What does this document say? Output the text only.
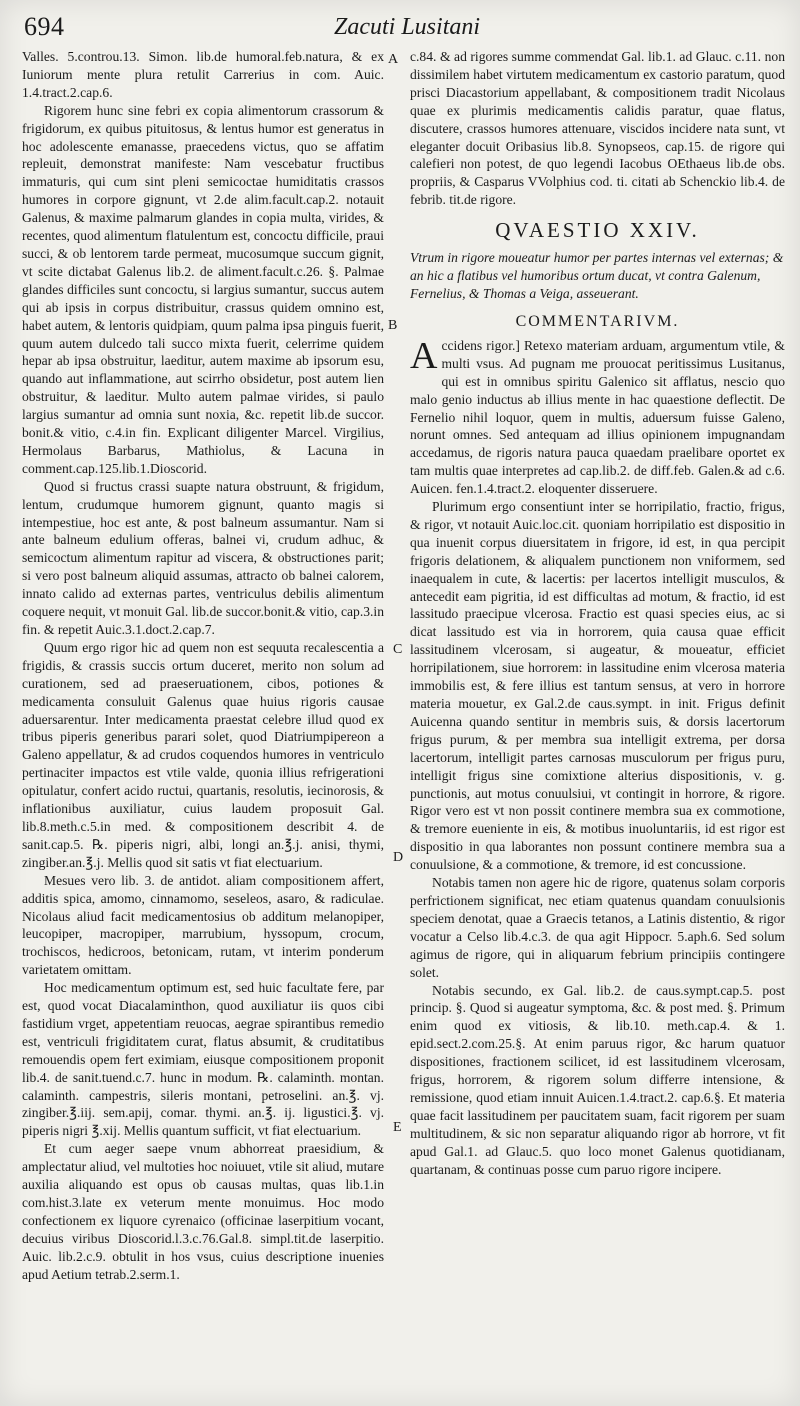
694	Zacuti Lusitani
A
B
C
D
E

Valles. 5.controu.13. Simon. lib.de humoral.feb.natura, & ex Iuniorum mente plura retulit Carrerius in com. Auic. 1.4.tract.2.cap.6.

Rigorem hunc sine febri ex copia alimentorum crassorum & frigidorum, ex quibus pituitosus, & lentus humor est generatus in hoc adolescente emanasse, praecedens victus, quo se affatim repleuit, demonstrat manifeste: Nam vescebatur fructibus immaturis, qui cum sint pleni semicoctae humiditatis crassos humores in corpore gignunt, vt 2.de alim.facult.cap.2. notauit Galenus, & maxime palmarum glandes in copia multa, virides, & recentes, quod alimentum flatulentum est, concoctu difficile, praui succi, & ob lentorem tarde permeat, mucosumque succum gignit, vt scite dictabat Galenus lib.2. de aliment.facult.c.26. §. Palmae glandes difficiles sunt concoctu, si largius sumantur, succus autem qui ab ipsis in corpus distribuitur, crassus quidem omnino est, habet autem, & lentoris quidpiam, quum palma ipsa pinguis fuerit, quum autem dulcedo tali succo mixta fuerit, celerrime quidem hepar ab ipsa obstruitur, laeditur, autem maxime ab ipsorum esu, quando aut inflammatione, aut scirrho obsidetur, post autem lien obstruitur, & laeditur. Multo autem palmae virides, si paulo largius sumantur ad omnia sunt noxia, &c. repetit lib.de succor. bonit.& vitio, c.4.in fin. Explicant diligenter Marcel. Virgilius, Hermolaus Barbarus, Mathiolus, & Lacuna in comment.cap.125.lib.1.Dioscorid.

Quod si fructus crassi suapte natura obstruunt, & frigidum, lentum, crudumque humorem gignunt, quanto magis si intempestiue, hoc est ante, & post balneum assumantur. Nam si ante balneum edulium offeras, balnei vi, crudum adhuc, & semicoctum alimentum rapitur ad viscera, & obstructiones parit; si vero post balneum aliquid assumas, attracto ob balnei calorem, innato calido ad externas partes, ventriculus debilis alimentum coquere nequit, vt monuit Gal. lib.de succor.bonit.& vitio, cap.3.in fin. & repetit Auic.3.1.doct.2.cap.7.

Quum ergo rigor hic ad quem non est sequuta recalescentia a frigidis, & crassis succis ortum duceret, merito non solum ad curationem, sed ad praeseruationem, cibos, potiones & medicamenta consuluit Galenus quae huius rigoris causae aduersarentur. Inter medicamenta praestat celebre illud quod ex tribus piperis generibus parari solet, quod Diatriumpipereon a Galeno appellatur, & ad crudos coquendos humores in ventriculo pertinaciter impactos est vtile valde, quonia illius refrigerationi opitulatur, confert acido ructui, quartanis, resolutis, iecinorosis, & inflationibus auxiliatur, cuius laudem proposuit Gal. lib.8.meth.c.5.in med. & compositionem describit 4. de sanit.cap.5. ℞. piperis nigri, albi, longi an.℥.j. anisi, thymi, zingiber.an.℥.j. Mellis quod sit satis vt fiat electuarium.

Mesues vero lib. 3. de antidot. aliam compositionem affert, additis spica, amomo, cinnamomo, seseleos, asaro, & radiculae. Nicolaus aliud facit medicamentosius ob additum melanopiper, leucopiper, macropiper, marrubium, hyssopum, crocum, trochiscos, hedicroos, betonicam, rutam, vt interim ponderum varietatem omittam.

Hoc medicamentum optimum est, sed huic facultate fere, par est, quod vocat Diacalaminthon, quod auxiliatur iis quos cibi fastidium vrget, appetentiam reuocas, aegrae spirantibus remedio est, ventriculi frigiditatem curat, flatus absumit, & cruditatibus remouendis opem fert eximiam, eiusque compositionem proponit lib.4. de sanit.tuend.c.7. hunc in modum. ℞. calaminth. montan. calaminth. campestris, sileris montani, petroselini. an.℥. vj. zingiber.℥.iij. sem.apij, comar. thymi. an.℥. ij. ligustici.℥. vj. piperis nigri ℥.xij. Mellis quantum sufficit, vt fiat electuarium.

Et cum aeger saepe vnum abhorreat praesidium, & amplectatur aliud, vel multoties hoc noiuuet, vtile sit aliud, mutare auxilia aliquando est opus ob causas multas, quas lib.1.in com.hist.3.late ex veterum mente monuimus. Hoc modo confectionem ex liquore cyrenaico (officinae laserpitium vocant, decuius viribus Dioscorid.l.3.c.76.Gal.8. simpl.tit.de laserpitio. Auic. lib.2.c.9. obtulit in hos vsus, cuius descriptione inuenies apud Aetium tetrab.2.serm.1.

c.84. & ad rigores summe commendat Gal. lib.1. ad Glauc. c.11. non dissimilem habet virtutem medicamentum ex castorio paratum, quod prisci Diacastorium appellabant, & compositionem tradit Nicolaus quae ex plurimis medicamentis calidis paratur, quae flatus, discutere, crassos humores attenuare, viscidos incidere nata sunt, vt eleganter docuit Oribasius lib.8. Synopseos, cap.15. de rigore qui calefieri non potest, de quo legendi Iacobus OEthaeus lib.de obs. propriis, & Casparus VVolphius cod. ti. citati ab Schenckio lib.4. de febrib. tit.de rigore.

QVAESTIO XXIV.

Vtrum in rigore moueatur humor per partes internas vel externas; & an hic a flatibus vel humoribus ortum ducat, vt contra Galenum, Fernelius, & Thomas a Veiga, asseuerant.

COMMENTARIVM.

Accidens rigor.] Retexo materiam arduam, argumentum vtile, & multi vsus. Ad pugnam me prouocat peritissimus Lusitanus, qui est in omnibus spiritu Galenico sit afflatus, nescio quo malo genio inductus ab illius mente in hac quaestione deflectit. De Fernelio nihil loquor, quem in multis, aduersum fuisse Galeno, norunt omnes. Sed antequam ad illius opinionem impugnandam accedamus, de rigoris natura pauca quaedam praelibare oportet ex tam multis quae interpretes ad cap.lib.2. de diff.feb. Galen.& ad c.6. Auicen. fen.1.4.tract.2. eloquenter disseruere.

Plurimum ergo consentiunt inter se horripilatio, fractio, frigus, & rigor, vt notauit Auic.loc.cit. quoniam horripilatio est dispositio in qua inuenit corpus diuersitatem in frigore, id est, in qua percipit frigoris delationem, & aliqualem punctionem non vniformem, sed inaequalem in cute, & lacertis: per lacertos intelligit musculos, & antecedit eam pigritia, id est difficultas ad motum, & fractio, id est lassitudo praecipue vlcerosa. Fractio est quasi species eius, ac si dicat lassitudo est via in horrorem, quia causa quae efficit lassitudinem vlcerosam, si augeatur, & moueatur, efficiet horripilationem, siue horrorem: in lassitudine enim vlcerosa materia immobilis est, & fere illius est tantum sensus, at vero in horrore materia mouetur, ex Gal.2.de caus.sympt. in init. Frigus definit Auicenna quando sentitur in membris suis, & dorsis lacertorum frigus purum, & per membra sua intelligit extrema, per dorsa lacertorum, intelligit partes carnosas musculorum per frigus puru, intelligit frigus sine comixtione alterius dispositionis, v. g. punctionis, aut motus conuulsiui, vt contingit in horrore, & rigore. Rigor vero est vt non possit continere membra sua ex commotione, & tremore eueniente in eis, & motibus inuoluntariis, id est rigor est dispositio in qua laborantes non possunt continere membra sua a conuulsione, & a commotione, & tremore, id est concussione.

Notabis tamen non agere hic de rigore, quatenus solam corporis perfrictionem significat, nec etiam quatenus quandam conuulsionis speciem denotat, quae a Graecis tetanos, a Latinis distentio, & rigor vocatur a Celso lib.4.c.3. de qua agit Hippocr. 5.aph.6. Sed solum agimus de rigore, qui in aliquarum febrium principiis contingere solet.

Notabis secundo, ex Gal. lib.2. de caus.sympt.cap.5. post princip. §. Quod si augeatur symptoma, &c. & post med. §. Primum enim quod ex vitiosis, & lib.10. meth.cap.4. & 1. epid.sect.2.com.25.§. At enim paruus rigor, &c harum quatuor dispositiones, fractionem scilicet, id est lassitudinem vlcerosam, frigus, horrorem, & rigorem solum differre intensione, & remissione, quod etiam innuit Auicen.1.4.tract.2. cap.6.§. Et materia quae facit lassitudinem per paucitatem suam, facit rigorem per suam multitudinem, & sic non separatur aliquando rigor ab horrore, vt fit apud Gal.1. ad Glauc.5. quo loco monet Galenus quotidianam, quartanam, & continuas posse cum paruo rigore incipere.
